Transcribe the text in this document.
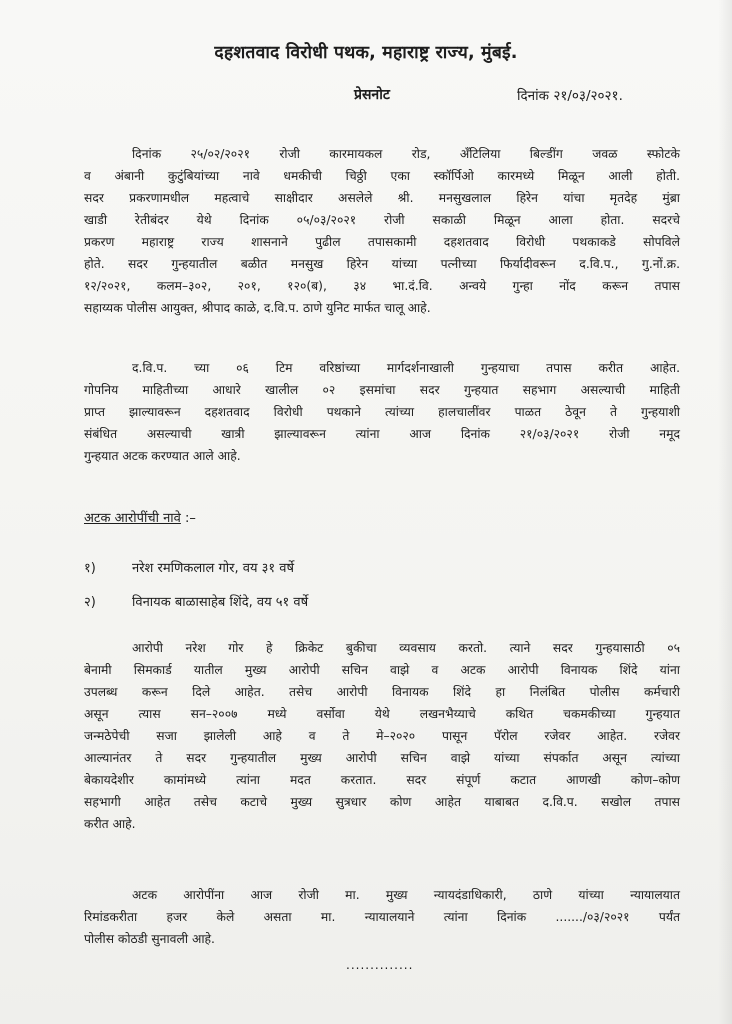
दहशतवाद विरोधी पथक, महाराष्ट्र राज्य, मुंबई.
प्रेसनोट	दिनांक २१/०३/२०२१.
दिनांक २५/०२/२०२१ रोजी कारमायकल रोड, ॲंटिलिया बिल्डींग जवळ स्फोटके
व अंबानी कुटुंबियांच्या नावे धमकीची चिठ्ठी एका स्कॉर्पिओ कारमध्ये मिळून आली होती.
सदर प्रकरणामधील महत्वाचे साक्षीदार असलेले श्री. मनसुखलाल हिरेन यांचा मृतदेह मुंब्रा
खाडी रेतीबंदर येथे दिनांक ०५/०३/२०२१ रोजी सकाळी मिळून आला होता. सदरचे
प्रकरण महाराष्ट्र राज्य शासनाने पुढील तपासकामी दहशतवाद विरोधी पथकाकडे सोपविले
होते. सदर गुन्हयातील बळीत मनसुख हिरेन यांच्या पत्नीच्या फिर्यादीवरून द.वि.प., गु.नों.क्र.
१२/२०२१, कलम–३०२, २०१, १२०(ब), ३४ भा.दं.वि. अन्वये गुन्हा नोंद करून तपास
सहाय्यक पोलीस आयुक्त, श्रीपाद काळे, द.वि.प. ठाणे युनिट मार्फत चालू आहे.
द.वि.प. च्या ०६ टिम वरिष्ठांच्या मार्गदर्शनाखाली गुन्हयाचा तपास करीत आहेत.
गोपनिय माहितीच्या आधारे खालील ०२ इसमांचा सदर गुन्हयात सहभाग असल्याची माहिती
प्राप्त झाल्यावरून दहशतवाद विरोधी पथकाने त्यांच्या हालचालींवर पाळत ठेवून ते गुन्हयाशी
संबंधित असल्याची खात्री झाल्यावरून त्यांना आज दिनांक २१/०३/२०२१ रोजी नमूद
गुन्हयात अटक करण्यात आले आहे.
अटक आरोपींची नावे :–
१)	नरेश रमणिकलाल गोर, वय ३१ वर्षे
२)	विनायक बाळासाहेब शिंदे, वय ५१ वर्षे
आरोपी नरेश गोर हे क्रिकेट बुकीचा व्यवसाय करतो. त्याने सदर गुन्हयासाठी ०५
बेनामी सिमकार्ड यातील मुख्य आरोपी सचिन वाझे व अटक आरोपी विनायक शिंदे यांना
उपलब्ध करून दिले आहेत. तसेच आरोपी विनायक शिंदे हा निलंबित पोलीस कर्मचारी
असून त्यास सन–२००७ मध्ये वर्सोवा येथे लखनभैय्याचे कथित चकमकीच्या गुन्हयात
जन्मठेपेची सजा झालेली आहे व ते मे–२०२० पासून पॅरोल रजेवर आहेत. रजेवर
आल्यानंतर ते सदर गुन्हयातील मुख्य आरोपी सचिन वाझे यांच्या संपर्कात असून त्यांच्या
बेकायदेशीर कामांमध्ये त्यांना मदत करतात. सदर संपूर्ण कटात आणखी कोण–कोण
सहभागी आहेत तसेच कटाचे मुख्य सुत्रधार कोण आहेत याबाबत द.वि.प. सखोल तपास
करीत आहे.
अटक आरोपींना आज रोजी मा. मुख्य न्यायदंडाधिकारी, ठाणे यांच्या न्यायालयात
रिमांडकरीता हजर केले असता मा. न्यायालयाने त्यांना दिनांक ......./०३/२०२१ पर्यंत
पोलीस कोठडी सुनावली आहे.
..............
